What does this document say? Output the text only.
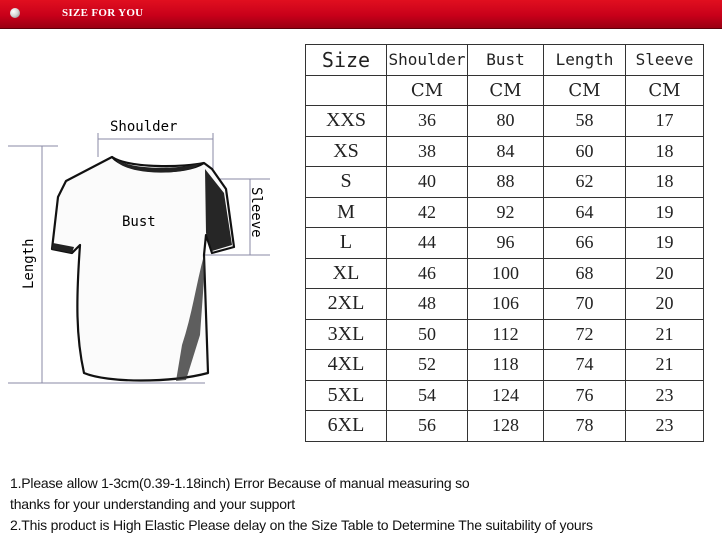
SIZE FOR YOU
Shoulder
Bust	Sleeve
Length
Size	Shoulder	Bust	Length	Sleeve
	CM	CM	CM	CM
XXS	36	80	58	17
XS	38	84	60	18
S	40	88	62	18
M	42	92	64	19
L	44	96	66	19
XL	46	100	68	20
2XL	48	106	70	20
3XL	50	112	72	21
4XL	52	118	74	21
5XL	54	124	76	23
6XL	56	128	78	23
1.Please allow 1-3cm(0.39-1.18inch) Error Because of manual measuring so
thanks for your understanding and your support
2.This product is High Elastic Please delay on the Size Table to Determine The suitability of yours
